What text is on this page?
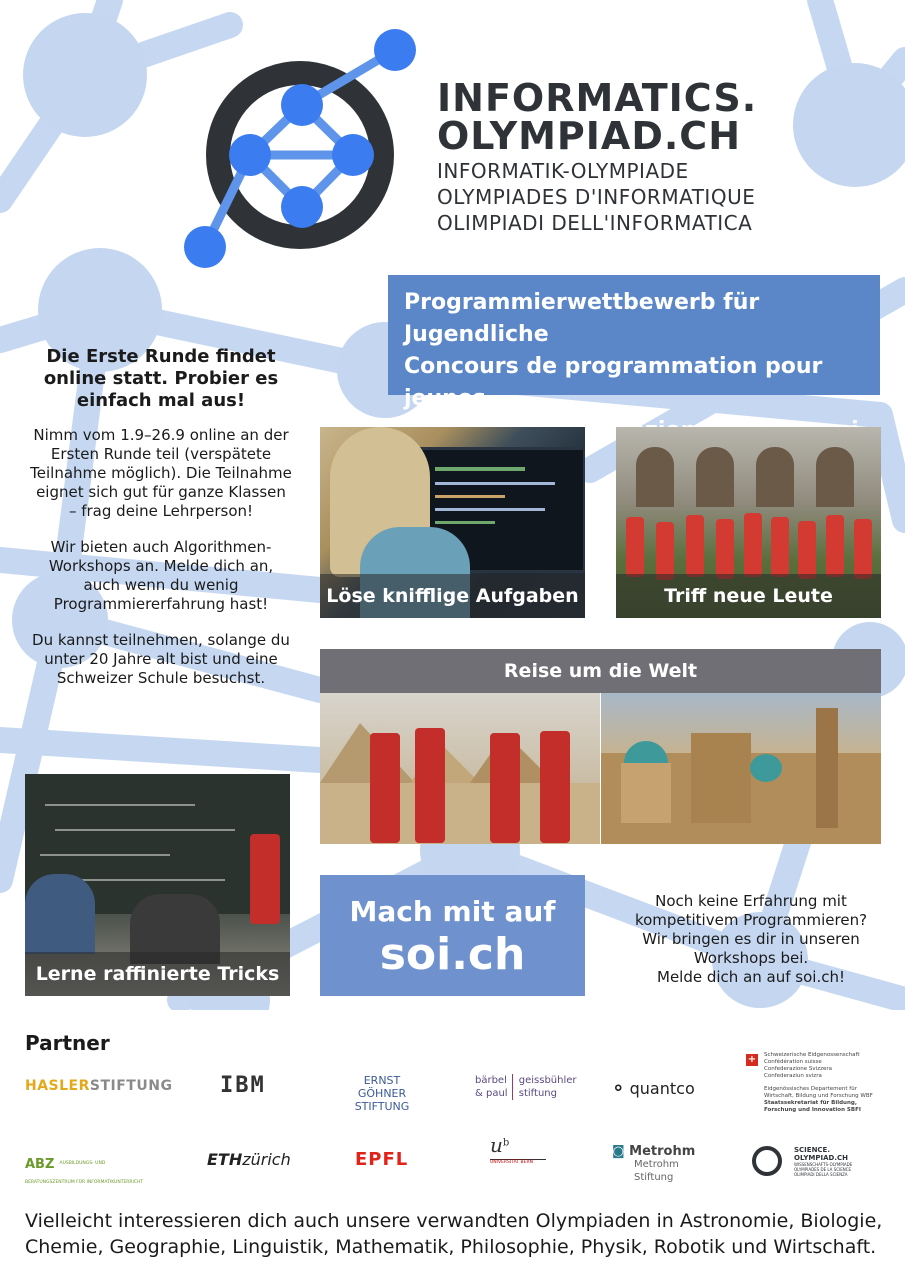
INFORMATICS.
OLYMPIAD.CH
INFORMATIK-OLYMPIADE
OLYMPIADES D'INFORMATIQUE
OLIMPIADI DELL'INFORMATICA
Programmierwettbewerb für Jugendliche
Concours de programmation pour jeunes
programmazione
Die Erste Runde findet online statt. Probier es einfach mal aus!

Nimm vom 1.9–26.9 online an der Ersten Runde teil (verspätete Teilnahme möglich). Die Teilnahme eignet sich gut für ganze Klassen – frag deine Lehrperson!

Wir bieten auch Algorithmen-Workshops an. Melde dich an, auch wenn du wenig Programmiererfahrung hast!

Du kannst teilnehmen, solange du unter 20 Jahre alt bist und eine Schweizer Schule besuchst.

Löse knifflige Aufgaben	Triff neue Leute
Reise um die Welt
Lerne raffinierte Tricks
Mach mit auf
soi.ch
Noch keine Erfahrung mit kompetitivem Programmieren? Wir bringen es dir in unseren Workshops bei.
Melde dich an auf soi.ch!
Partner
HASLERSTIFTUNG IBM	ERNST GÖHNER
STIFTUNG
bärbel
& paul

geissbühler
stiftung	∘ quantco
+	Schweizerische Eidgenossenschaft
Confédération suisse
Confederazione Svizzera
Confederaziun svizra
Eidgenössisches Departement für
Wirtschaft, Bildung und Forschung WBF
Staatssekretariat für Bildung,
Forschung und Innovation SBFI
ABZ AUSBILDUNGS- UND BERATUNGSZENTRUM FÜR INFORMATIKUNTERRICHT
ETHzürich	EPFL
$u^b$
UNIVERSITÄT BERN
◙ Metrohm
Metrohm Stiftung
SCIENCE.
OLYMPIAD.CH
WISSENSCHAFTS-OLYMPIADE
OLYMPIADES DE LA SCIENCE
OLIMPIADI DELLA SCIENZA
Vielleicht interessieren dich auch unsere verwandten Olympiaden in Astronomie, Biologie, Chemie, Geographie, Linguistik, Mathematik, Philosophie, Physik, Robotik und Wirtschaft.
